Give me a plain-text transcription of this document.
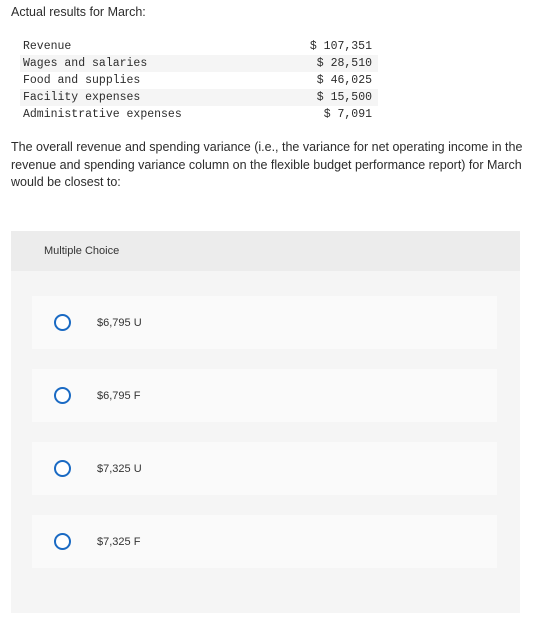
Actual results for March:
Revenue	$ 107,351
Wages and salaries	$ 28,510
Food and supplies	$ 46,025
Facility expenses	$ 15,500
Administrative expenses	$ 7,091
The overall revenue and spending variance (i.e., the variance for net operating income in the revenue and spending variance column on the flexible budget performance report) for March would be closest to:
Multiple Choice
$6,795 U
$6,795 F
$7,325 U
$7,325 F
